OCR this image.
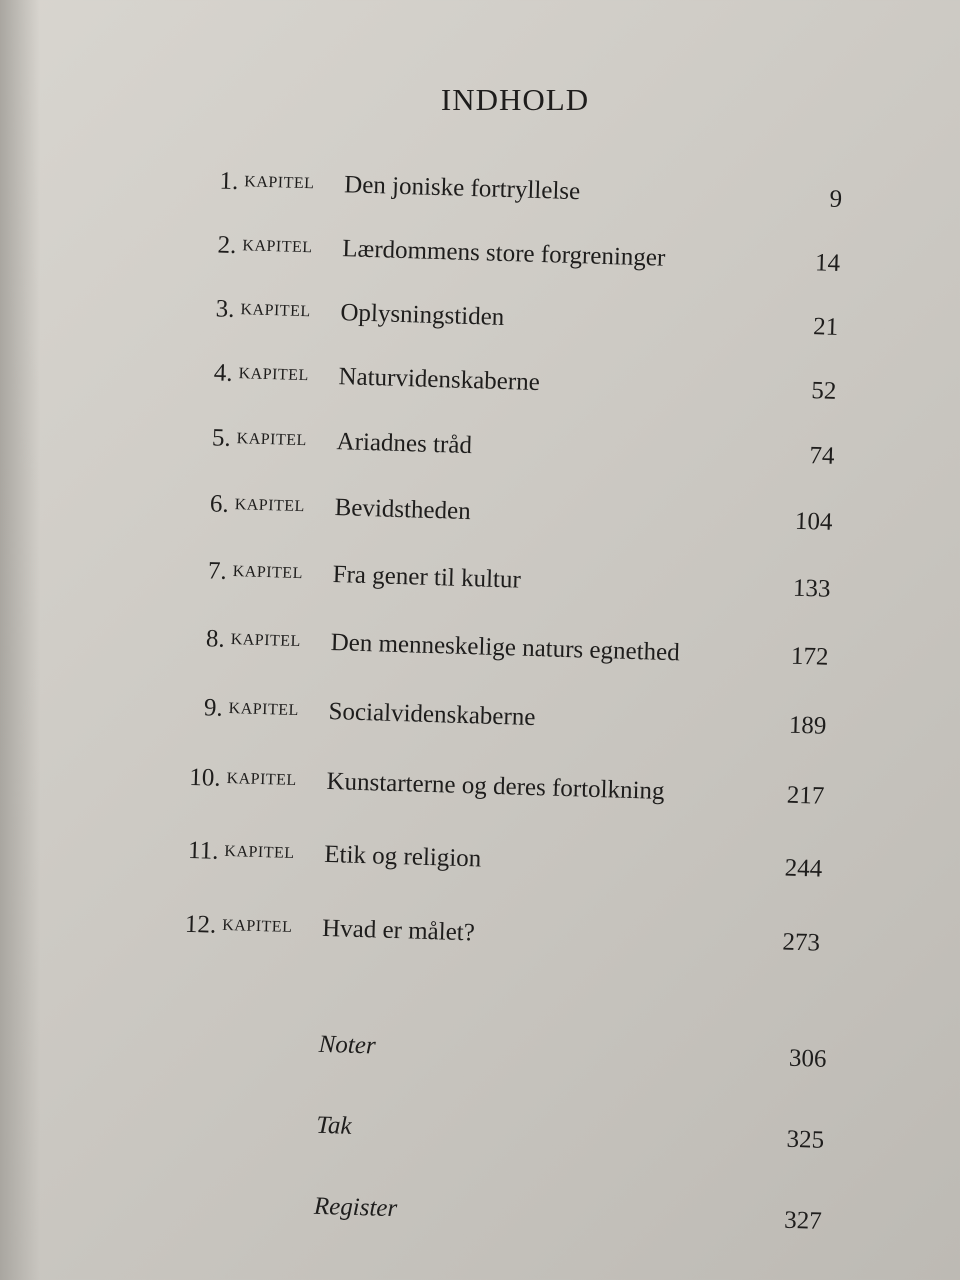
INDHOLD
1. KAPITEL Den joniske fortryllelse	9
2. KAPITEL Lærdommens store forgreninger	14
3. KAPITEL Oplysningstiden	21
4. KAPITEL Naturvidenskaberne	52
5. KAPITEL Ariadnes tråd	74
6. KAPITEL Bevidstheden	104
7. KAPITEL Fra gener til kultur	133
8. KAPITEL Den menneskelige naturs egnethed	172
9. KAPITEL Socialvidenskaberne	189
10. KAPITEL Kunstarterne og deres fortolkning	217
11. KAPITEL Etik og religion	244
12. KAPITEL Hvad er målet?	273
Noter	306
Tak	325
Register	327
